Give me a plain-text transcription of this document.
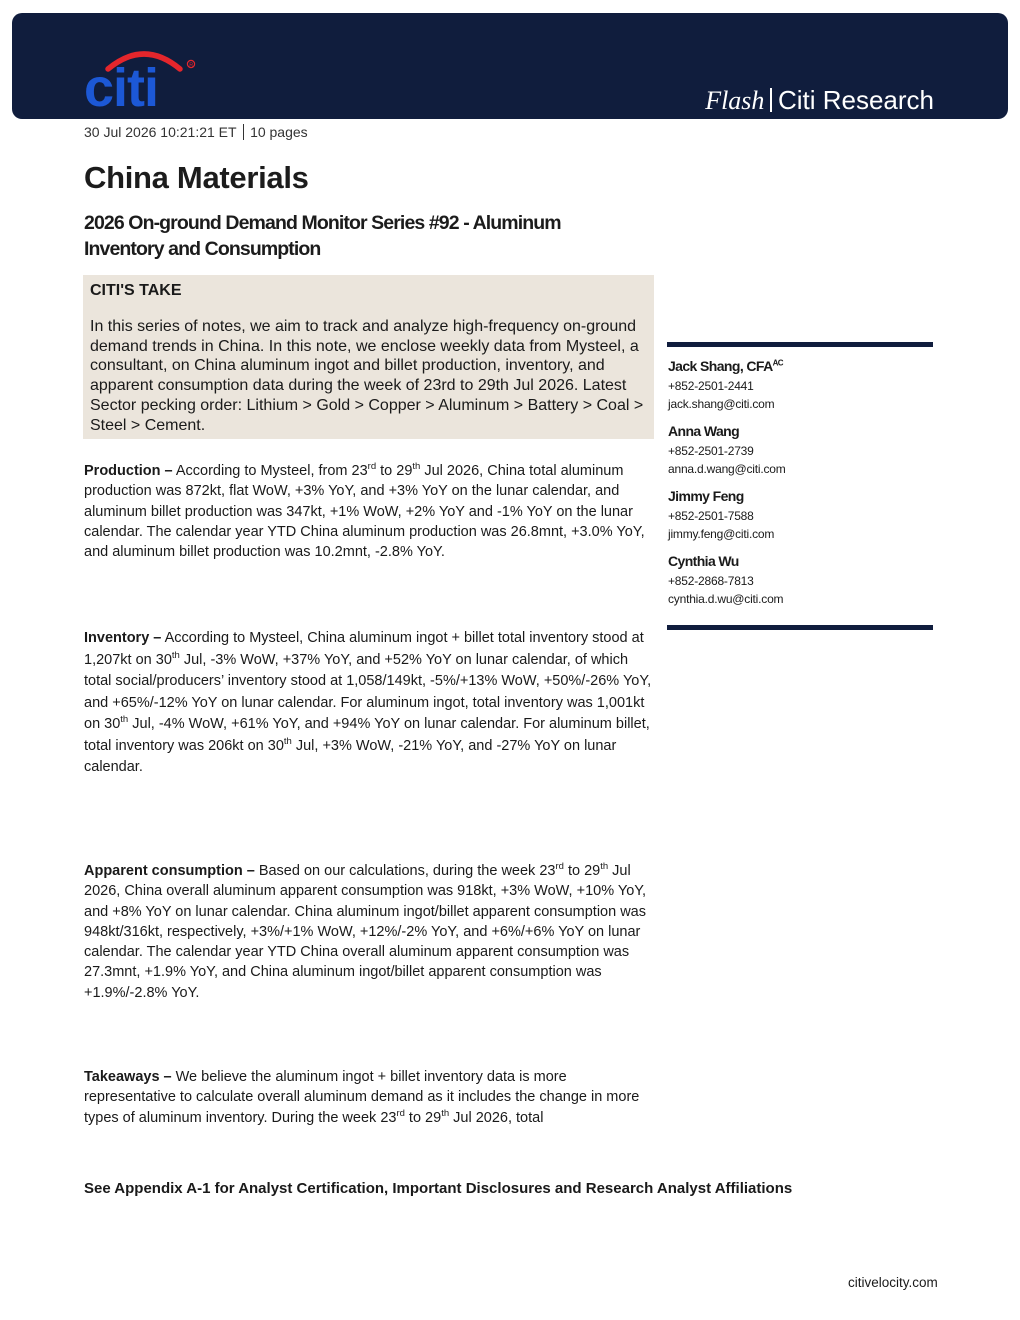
citi	R
Flash Citi Research
30 Jul 2026 10:21:21 ET 10 pages
China Materials
2026 On-ground Demand Monitor Series #92 - Aluminum Inventory and Consumption
CITI'S TAKE
In this series of notes, we aim to track and analyze high-frequency on-ground demand trends in China. In this note, we enclose weekly data from Mysteel, a consultant, on China aluminum ingot and billet production, inventory, and apparent consumption data during the week of 23rd to 29th Jul 2026. Latest Sector pecking order: Lithium > Gold > Copper > Aluminum > Battery > Coal > Steel > Cement.
Production – According to Mysteel, from 23rd to 29th Jul 2026, China total aluminum production was 872kt, flat WoW, +3% YoY, and +3% YoY on the lunar calendar, and aluminum billet production was 347kt, +1% WoW, +2% YoY and -1% YoY on the lunar calendar. The calendar year YTD China aluminum production was 26.8mnt, +3.0% YoY, and aluminum billet production was 10.2mnt, -2.8% YoY.
Inventory – According to Mysteel, China aluminum ingot + billet total inventory stood at 1,207kt on 30th Jul, -3% WoW, +37% YoY, and +52% YoY on lunar calendar, of which total social/producers’ inventory stood at 1,058/149kt, -5%/+13% WoW, +50%/-26% YoY, and +65%/-12% YoY on lunar calendar. For aluminum ingot, total inventory was 1,001kt on 30th Jul, -4% WoW, +61% YoY, and +94% YoY on lunar calendar. For aluminum billet, total inventory was 206kt on 30th Jul, +3% WoW, -21% YoY, and -27% YoY on lunar calendar.
Apparent consumption – Based on our calculations, during the week 23rd to 29th Jul 2026, China overall aluminum apparent consumption was 918kt, +3% WoW, +10% YoY, and +8% YoY on lunar calendar. China aluminum ingot/billet apparent consumption was 948kt/316kt, respectively, +3%/+1% WoW, +12%/-2% YoY, and +6%/+6% YoY on lunar calendar. The calendar year YTD China overall aluminum apparent consumption was 27.3mnt, +1.9% YoY, and China aluminum ingot/billet apparent consumption was +1.9%/-2.8% YoY.
Takeaways – We believe the aluminum ingot + billet inventory data is more representative to calculate overall aluminum demand as it includes the change in more types of aluminum inventory. During the week 23rd to 29th Jul 2026, total
Jack Shang, $CFA^{AC}$
+852-2501-2441
jack.shang@citi.com
Anna Wang
+852-2501-2739
anna.d.wang@citi.com
Jimmy Feng
+852-2501-7588
jimmy.feng@citi.com
Cynthia Wu
+852-2868-7813
cynthia.d.wu@citi.com
See Appendix A-1 for Analyst Certification, Important Disclosures and Research Analyst Affiliations
citivelocity.com
